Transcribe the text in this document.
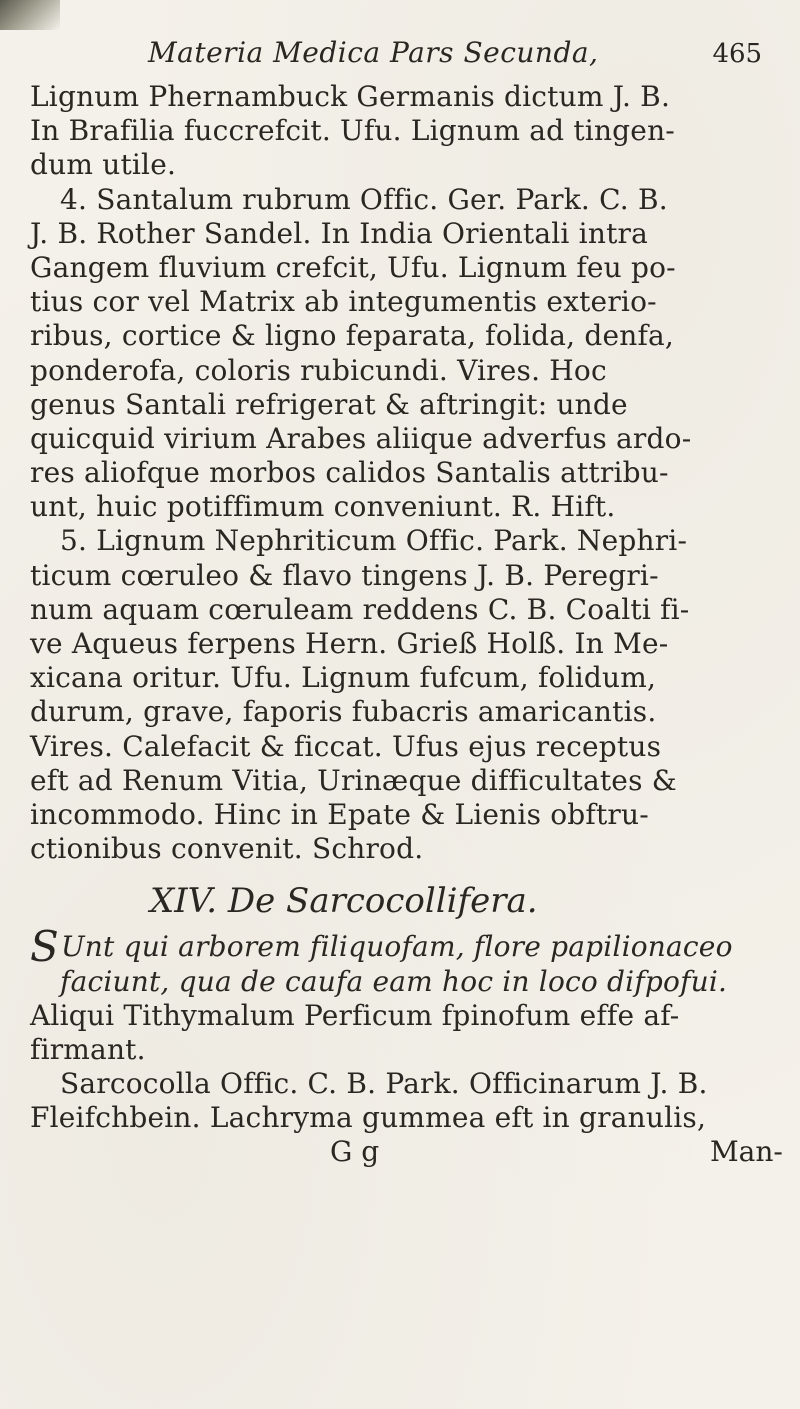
Materia Medica Pars Secunda,	465
Lignum Phernambuck Germanis dictum J. B.
In Brafilia fuccrefcit. Ufu. Lignum ad tingen-
dum utile.
4. Santalum rubrum Offic. Ger. Park. C. B.
J. B. Rother Sandel. In India Orientali intra
Gangem fluvium crefcit, Ufu. Lignum feu po-
tius cor vel Matrix ab integumentis exterio-
ribus, cortice & ligno feparata, folida, denfa,
ponderofa, coloris rubicundi. Vires. Hoc
genus Santali refrigerat & aftringit: unde
quicquid virium Arabes aliique adverfus ardo-
res aliofque morbos calidos Santalis attribu-
unt, huic potiffimum conveniunt. R. Hift.
5. Lignum Nephriticum Offic. Park. Nephri-
ticum cœruleo & flavo tingens J. B. Peregri-
num aquam cœruleam reddens C. B. Coalti fi-
ve Aqueus ferpens Hern. Grieß Holß. In Me-
xicana oritur. Ufu. Lignum fufcum, folidum,
durum, grave, faporis fubacris amaricantis.
Vires. Calefacit & ficcat. Ufus ejus receptus
eft ad Renum Vitia, Urinæque difficultates &
incommodo. Hinc in Epate & Lienis obftru-
ctionibus convenit. Schrod.
XIV. De Sarcocollifera.
S Unt qui arborem filiquofam, flore papilionaceo
faciunt, qua de caufa eam hoc in loco difpofui.
Aliqui Tithymalum Perficum fpinofum effe af-
firmant.
Sarcocolla Offic. C. B. Park. Officinarum J. B.
Fleifchbein. Lachryma gummea eft in granulis,
G g	Man-
